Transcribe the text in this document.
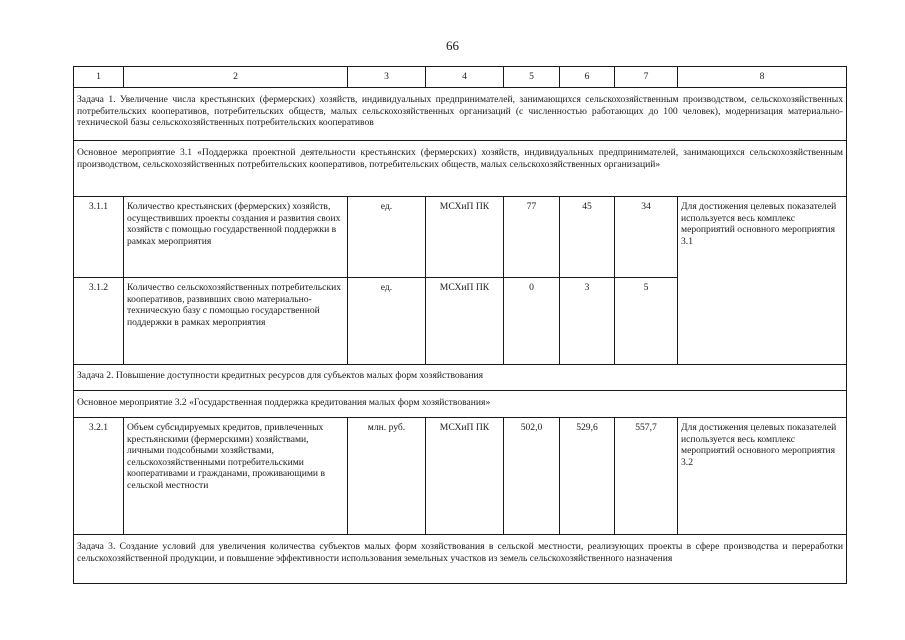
66
1	2	3	4	5	6	7	8
Задача 1. Увеличение числа крестьянских (фермерских) хозяйств, индивидуальных предпринимателей, занимающихся сельскохозяйственным производством, сельскохозяйственных потребительских кооперативов, потребительских обществ, малых сельскохозяйственных организаций (с численностью работающих до 100 человек), модернизация материально-технической базы сельскохозяйственных потребительских кооперативов							
Основное мероприятие 3.1 «Поддержка проектной деятельности крестьянских (фермерских) хозяйств, индивидуальных предпринимателей, занимающихся сельскохозяйственным производством, сельскохозяйственных потребительских кооперативов, потребительских обществ, малых сельскохозяйственных организаций»							
3.1.1	Количество крестьянских (фермерских) хозяйств, осуществивших проекты создания и развития своих хозяйств с помощью государственной поддержки в рамках мероприятия	ед.	МСХиП ПК	77	45	34	Для достижения целевых показателей используется весь комплекс мероприятий основного мероприятия 3.1
3.1.2	Количество сельскохозяйственных потребительских кооперативов, развивших свою материально-техническую базу с помощью государственной поддержки в рамках мероприятия	ед.	МСХиП ПК	0	3	5	
Задача 2. Повышение доступности кредитных ресурсов для субъектов малых форм хозяйствования							
Основное мероприятие 3.2 «Государственная поддержка кредитования малых форм хозяйствования»							
3.2.1	Объем субсидируемых кредитов, привлеченных крестьянскими (фермерскими) хозяйствами, личными подсобными хозяйствами, сельскохозяйственными потребительскими кооперативами и гражданами, проживающими в сельской местности	млн. руб.	МСХиП ПК	502,0	529,6	557,7	Для достижения целевых показателей используется весь комплекс мероприятий основного мероприятия 3.2
Задача 3. Создание условий для увеличения количества субъектов малых форм хозяйствования в сельской местности, реализующих проекты в сфере производства и переработки сельскохозяйственной продукции, и повышение эффективности использования земельных участков из земель сельскохозяйственного назначения							
